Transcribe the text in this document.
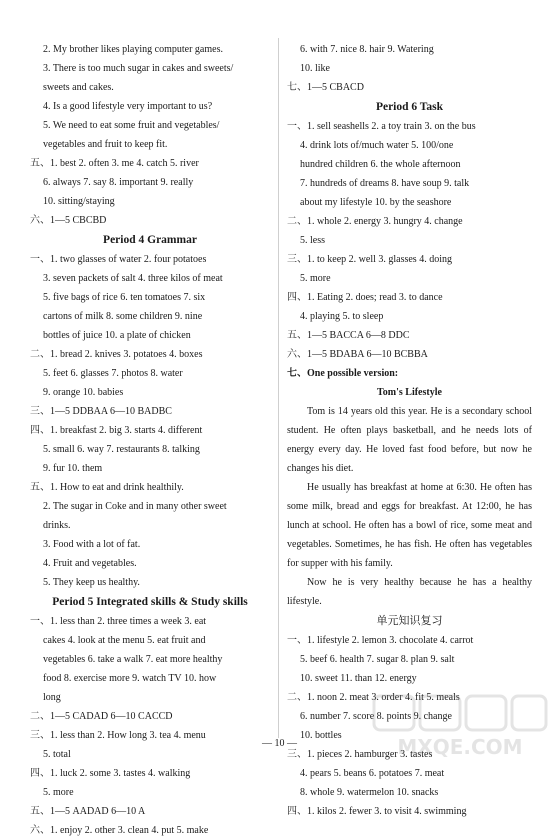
2. My brother likes playing computer games.
3. There is too much sugar in cakes and sweets/
sweets and cakes.
4. Is a good lifestyle very important to us?
5. We need to eat some fruit and vegetables/
vegetables and fruit to keep fit.
五、1. best 2. often 3. me 4. catch 5. river
6. always 7. say 8. important 9. really
10. sitting/staying
六、1—5 CBCBD
Period 4 Grammar
一、1. two glasses of water 2. four potatoes
3. seven packets of salt 4. three kilos of meat
5. five bags of rice 6. ten tomatoes 7. six
cartons of milk 8. some children 9. nine
bottles of juice 10. a plate of chicken
二、1. bread 2. knives 3. potatoes 4. boxes
5. feet 6. glasses 7. photos 8. water
9. orange 10. babies
三、1—5 DDBAA 6—10 BADBC
四、1. breakfast 2. big 3. starts 4. different
5. small 6. way 7. restaurants 8. talking
9. fur 10. them
五、1. How to eat and drink healthily.
2. The sugar in Coke and in many other sweet
drinks.
3. Food with a lot of fat.
4. Fruit and vegetables.
5. They keep us healthy.
Period 5 Integrated skills & Study skills
一、1. less than 2. three times a week 3. eat
cakes 4. look at the menu 5. eat fruit and
vegetables 6. take a walk 7. eat more healthy
food 8. exercise more 9. watch TV 10. how
long
二、1—5 CADAD 6—10 CACCD
三、1. less than 2. How long 3. tea 4. menu
5. total
四、1. luck 2. some 3. tastes 4. walking
5. more
五、1—5 AADAD 6—10 A
六、1. enjoy 2. other 3. clean 4. put 5. make
6. with 7. nice 8. hair 9. Watering
10. like
七、1—5 CBACD
Period 6 Task
一、1. sell seashells 2. a toy train 3. on the bus
4. drink lots of/much water 5. 100/one
hundred children 6. the whole afternoon
7. hundreds of dreams 8. have soup 9. talk
about my lifestyle 10. by the seashore
二、1. whole 2. energy 3. hungry 4. change
5. less
三、1. to keep 2. well 3. glasses 4. doing
5. more
四、1. Eating 2. does; read 3. to dance
4. playing 5. to sleep
五、1—5 BACCA 6—8 DDC
六、1—5 BDABA 6—10 BCBBA
七、One possible version:
Tom's Lifestyle

Tom is 14 years old this year. He is a secondary school student. He often plays basketball, and he needs lots of energy every day. He loved fast food before, but now he changes his diet.

He usually has breakfast at home at 6:30. He often has some milk, bread and eggs for breakfast. At 12:00, he has lunch at school. He often has a bowl of rice, some meat and vegetables. Sometimes, he has fish. He often has vegetables for supper with his family.

Now he is very healthy because he has a healthy lifestyle.

单元知识复习
一、1. lifestyle 2. lemon 3. chocolate 4. carrot
5. beef 6. health 7. sugar 8. plan 9. salt
10. sweet 11. than 12. energy
二、1. noon 2. meat 3. order 4. fit 5. meals
6. number 7. score 8. points 9. change
10. bottles
三、1. pieces 2. hamburger 3. tastes
4. pears 5. beans 6. potatoes 7. meat
8. whole 9. watermelon 10. snacks
四、1. kilos 2. fewer 3. to visit 4. swimming
— 10 —	MXQE.COM
